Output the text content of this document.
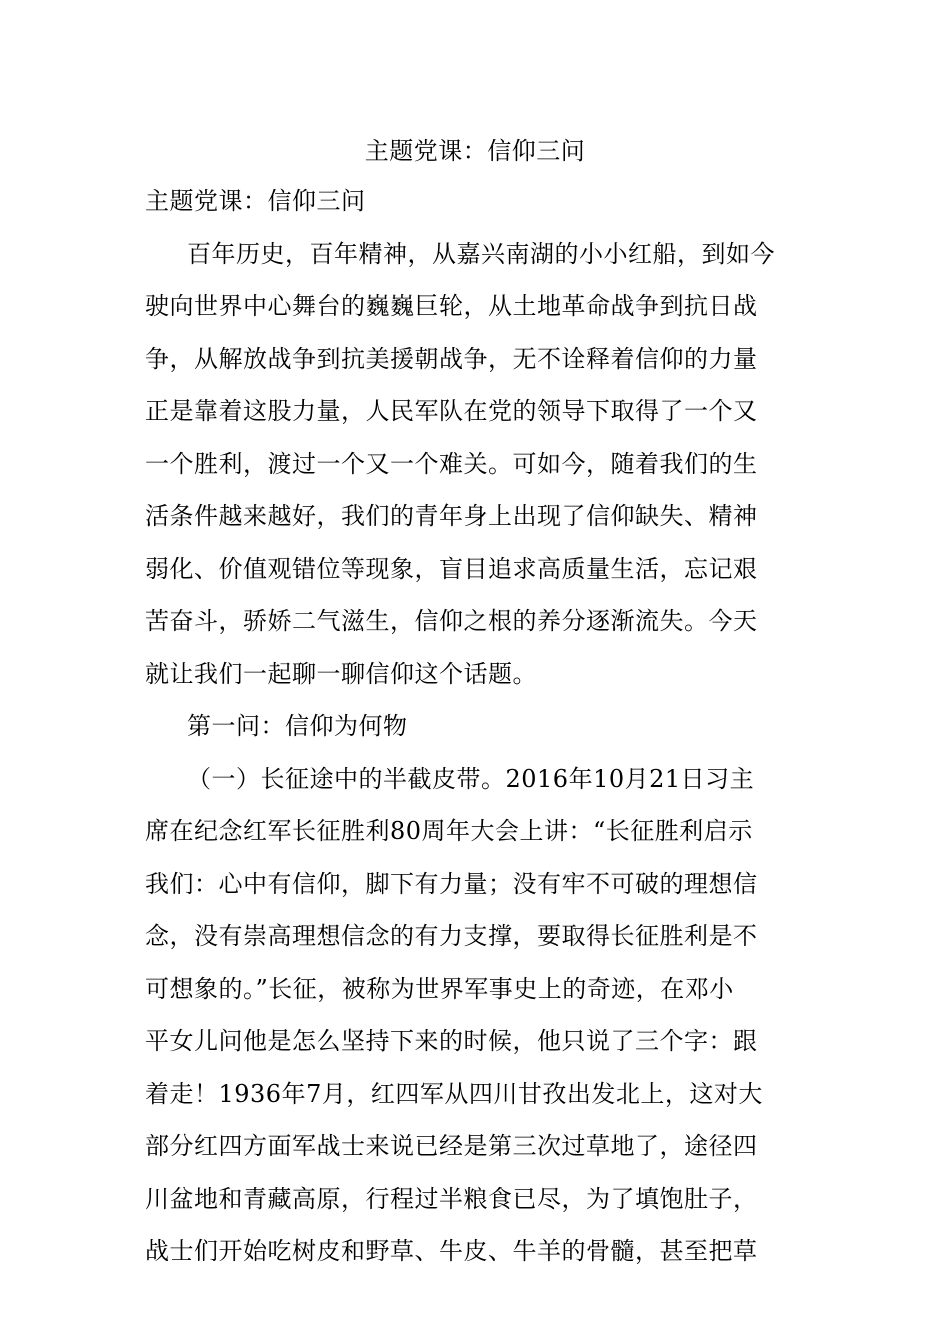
主题党课：信仰三问
主题党课：信仰三问
百年历史，百年精神，从嘉兴南湖的小小红船，到如今
驶向世界中心舞台的巍巍巨轮，从土地革命战争到抗日战
争，从解放战争到抗美援朝战争，无不诠释着信仰的力量
正是靠着这股力量，人民军队在党的领导下取得了一个又
一个胜利，渡过一个又一个难关。可如今，随着我们的生
活条件越来越好，我们的青年身上出现了信仰缺失、精神
弱化、价值观错位等现象，盲目追求高质量生活，忘记艰
苦奋斗，骄娇二气滋生，信仰之根的养分逐渐流失。今天
就让我们一起聊一聊信仰这个话题。
第一问：信仰为何物
（一）长征途中的半截皮带。2016年10月21日习主
席在纪念红军长征胜利80周年大会上讲：“长征胜利启示
我们：心中有信仰，脚下有力量；没有牢不可破的理想信
念，没有崇高理想信念的有力支撑，要取得长征胜利是不
可想象的。”长征，被称为世界军事史上的奇迹，在邓小
平女儿问他是怎么坚持下来的时候，他只说了三个字：跟
着走！1936年7月，红四军从四川甘孜出发北上，这对大
部分红四方面军战士来说已经是第三次过草地了，途径四
川盆地和青藏高原，行程过半粮食已尽，为了填饱肚子，
战士们开始吃树皮和野草、牛皮、牛羊的骨髓，甚至把草
